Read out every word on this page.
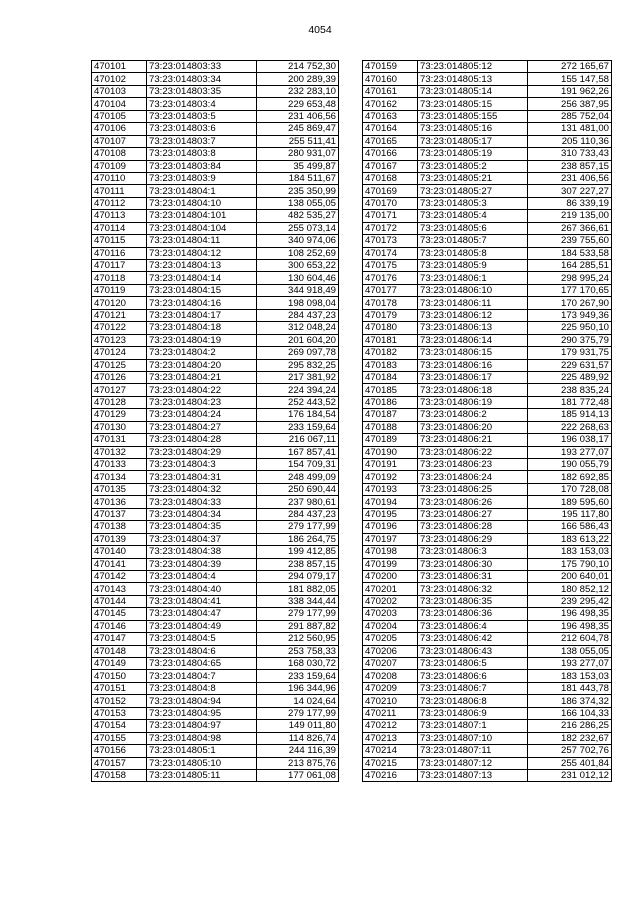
4054
470101	73:23:014803:33	214 752,30
470102	73:23:014803:34	200 289,39
470103	73:23:014803:35	232 283,10
470104	73:23:014803:4	229 653,48
470105	73:23:014803:5	231 406,56
470106	73:23:014803:6	245 869,47
470107	73:23:014803:7	255 511,41
470108	73:23:014803:8	280 931,07
470109	73:23:014803:84	35 499,87
470110	73:23:014803:9	184 511,67
470111	73:23:014804:1	235 350,99
470112	73:23:014804:10	138 055,05
470113	73:23:014804:101	482 535,27
470114	73:23:014804:104	255 073,14
470115	73:23:014804:11	340 974,06
470116	73:23:014804:12	108 252,69
470117	73:23:014804:13	300 653,22
470118	73:23:014804:14	130 604,46
470119	73:23:014804:15	344 918,49
470120	73:23:014804:16	198 098,04
470121	73:23:014804:17	284 437,23
470122	73:23:014804:18	312 048,24
470123	73:23:014804:19	201 604,20
470124	73:23:014804:2	269 097,78
470125	73:23:014804:20	295 832,25
470126	73:23:014804:21	217 381,92
470127	73:23:014804:22	224 394,24
470128	73:23:014804:23	252 443,52
470129	73:23:014804:24	176 184,54
470130	73:23:014804:27	233 159,64
470131	73:23:014804:28	216 067,11
470132	73:23:014804:29	167 857,41
470133	73:23:014804:3	154 709,31
470134	73:23:014804:31	248 499,09
470135	73:23:014804:32	250 690,44
470136	73:23:014804:33	237 980,61
470137	73:23:014804:34	284 437,23
470138	73:23:014804:35	279 177,99
470139	73:23:014804:37	186 264,75
470140	73:23:014804:38	199 412,85
470141	73:23:014804:39	238 857,15
470142	73:23:014804:4	294 079,17
470143	73:23:014804:40	181 882,05
470144	73:23:014804:41	338 344,44
470145	73:23:014804:47	279 177,99
470146	73:23:014804:49	291 887,82
470147	73:23:014804:5	212 560,95
470148	73:23:014804:6	253 758,33
470149	73:23:014804:65	168 030,72
470150	73:23:014804:7	233 159,64
470151	73:23:014804:8	196 344,96
470152	73:23:014804:94	14 024,64
470153	73:23:014804:95	279 177,99
470154	73:23:014804:97	149 011,80
470155	73:23:014804:98	114 826,74
470156	73:23:014805:1	244 116,39
470157	73:23:014805:10	213 875,76
470158	73:23:014805:11	177 061,08
470159	73:23:014805:12	272 165,67
470160	73:23:014805:13	155 147,58
470161	73:23:014805:14	191 962,26
470162	73:23:014805:15	256 387,95
470163	73:23:014805:155	285 752,04
470164	73:23:014805:16	131 481,00
470165	73:23:014805:17	205 110,36
470166	73:23:014805:19	310 733,43
470167	73:23:014805:2	238 857,15
470168	73:23:014805:21	231 406,56
470169	73:23:014805:27	307 227,27
470170	73:23:014805:3	86 339,19
470171	73:23:014805:4	219 135,00
470172	73:23:014805:6	267 366,61
470173	73:23:014805:7	239 755,60
470174	73:23:014805:8	184 533,58
470175	73:23:014805:9	164 285,51
470176	73:23:014806:1	298 995,24
470177	73:23:014806:10	177 170,65
470178	73:23:014806:11	170 267,90
470179	73:23:014806:12	173 949,36
470180	73:23:014806:13	225 950,10
470181	73:23:014806:14	290 375,79
470182	73:23:014806:15	179 931,75
470183	73:23:014806:16	229 631,57
470184	73:23:014806:17	225 489,92
470185	73:23:014806:18	238 835,24
470186	73:23:014806:19	181 772,48
470187	73:23:014806:2	185 914,13
470188	73:23:014806:20	222 268,63
470189	73:23:014806:21	196 038,17
470190	73:23:014806:22	193 277,07
470191	73:23:014806:23	190 055,79
470192	73:23:014806:24	182 692,85
470193	73:23:014806:25	170 728,08
470194	73:23:014806:26	189 595,60
470195	73:23:014806:27	195 117,80
470196	73:23:014806:28	166 586,43
470197	73:23:014806:29	183 613,22
470198	73:23:014806:3	183 153,03
470199	73:23:014806:30	175 790,10
470200	73:23:014806:31	200 640,01
470201	73:23:014806:32	180 852,12
470202	73:23:014806:35	239 295,42
470203	73:23:014806:36	196 498,35
470204	73:23:014806:4	196 498,35
470205	73:23:014806:42	212 604,78
470206	73:23:014806:43	138 055,05
470207	73:23:014806:5	193 277,07
470208	73:23:014806:6	183 153,03
470209	73:23:014806:7	181 443,78
470210	73:23:014806:8	186 374,32
470211	73:23:014806:9	166 104,33
470212	73:23:014807:1	216 286,25
470213	73:23:014807:10	182 232,67
470214	73:23:014807:11	257 702,76
470215	73:23:014807:12	255 401,84
470216	73:23:014807:13	231 012,12
